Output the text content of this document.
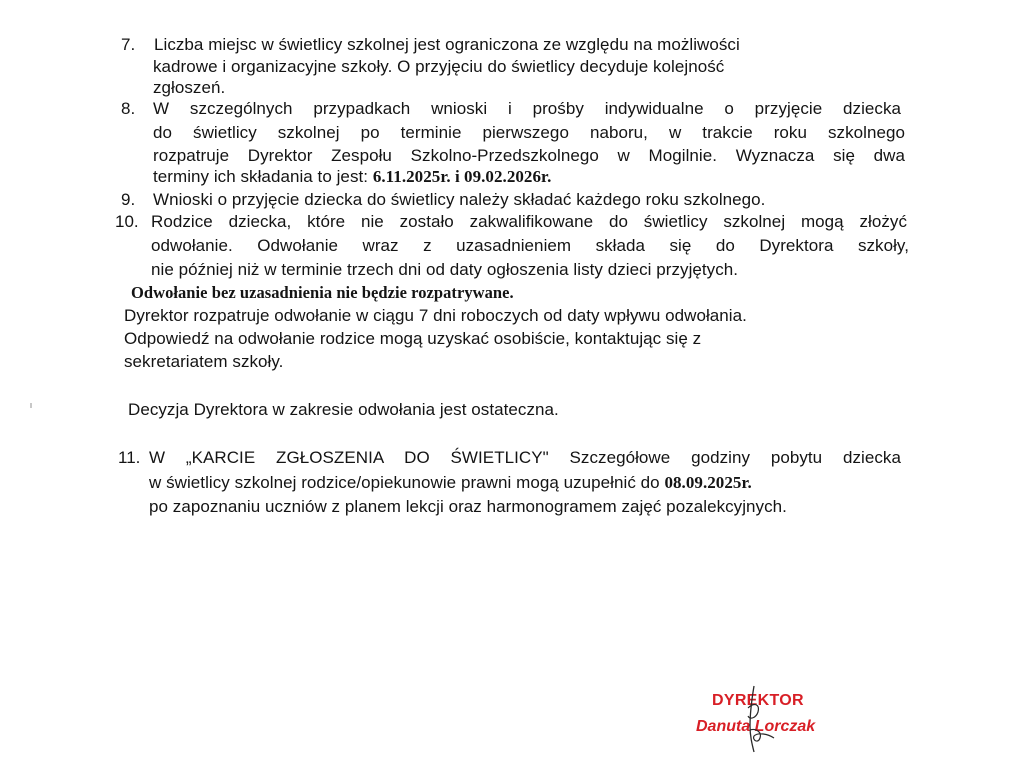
7. Liczba miejsc w świetlicy szkolnej jest ograniczona ze względu na możliwości
kadrowe i organizacyjne szkoły. O przyjęciu do świetlicy decyduje kolejność
zgłoszeń.
8. W szczególnych przypadkach wnioski i prośby indywidualne o przyjęcie dziecka
do świetlicy szkolnej po terminie pierwszego naboru, w trakcie roku szkolnego
rozpatruje Dyrektor Zespołu Szkolno-Przedszkolnego w Mogilnie. Wyznacza się dwa
terminy ich składania to jest: 6.11.2025r. i 09.02.2026r.
9. Wnioski o przyjęcie dziecka do świetlicy należy składać każdego roku szkolnego.
10. Rodzice dziecka, które nie zostało zakwalifikowane do świetlicy szkolnej mogą złożyć
odwołanie. Odwołanie wraz z uzasadnieniem składa się do Dyrektora szkoły,
nie później niż w terminie trzech dni od daty ogłoszenia listy dzieci przyjętych.
Odwołanie bez uzasadnienia nie będzie rozpatrywane.
Dyrektor rozpatruje odwołanie w ciągu 7 dni roboczych od daty wpływu odwołania.
Odpowiedź na odwołanie rodzice mogą uzyskać osobiście, kontaktując się z
sekretariatem szkoły.
Decyzja Dyrektora w zakresie odwołania jest ostateczna.
11. W „KARCIE ZGŁOSZENIA DO ŚWIETLICY" Szczegółowe godziny pobytu dziecka
w świetlicy szkolnej rodzice/opiekunowie prawni mogą uzupełnić do 08.09.2025r.
po zapoznaniu uczniów z planem lekcji oraz harmonogramem zajęć pozalekcyjnych.
DYREKTOR
Danuta Lorczak
